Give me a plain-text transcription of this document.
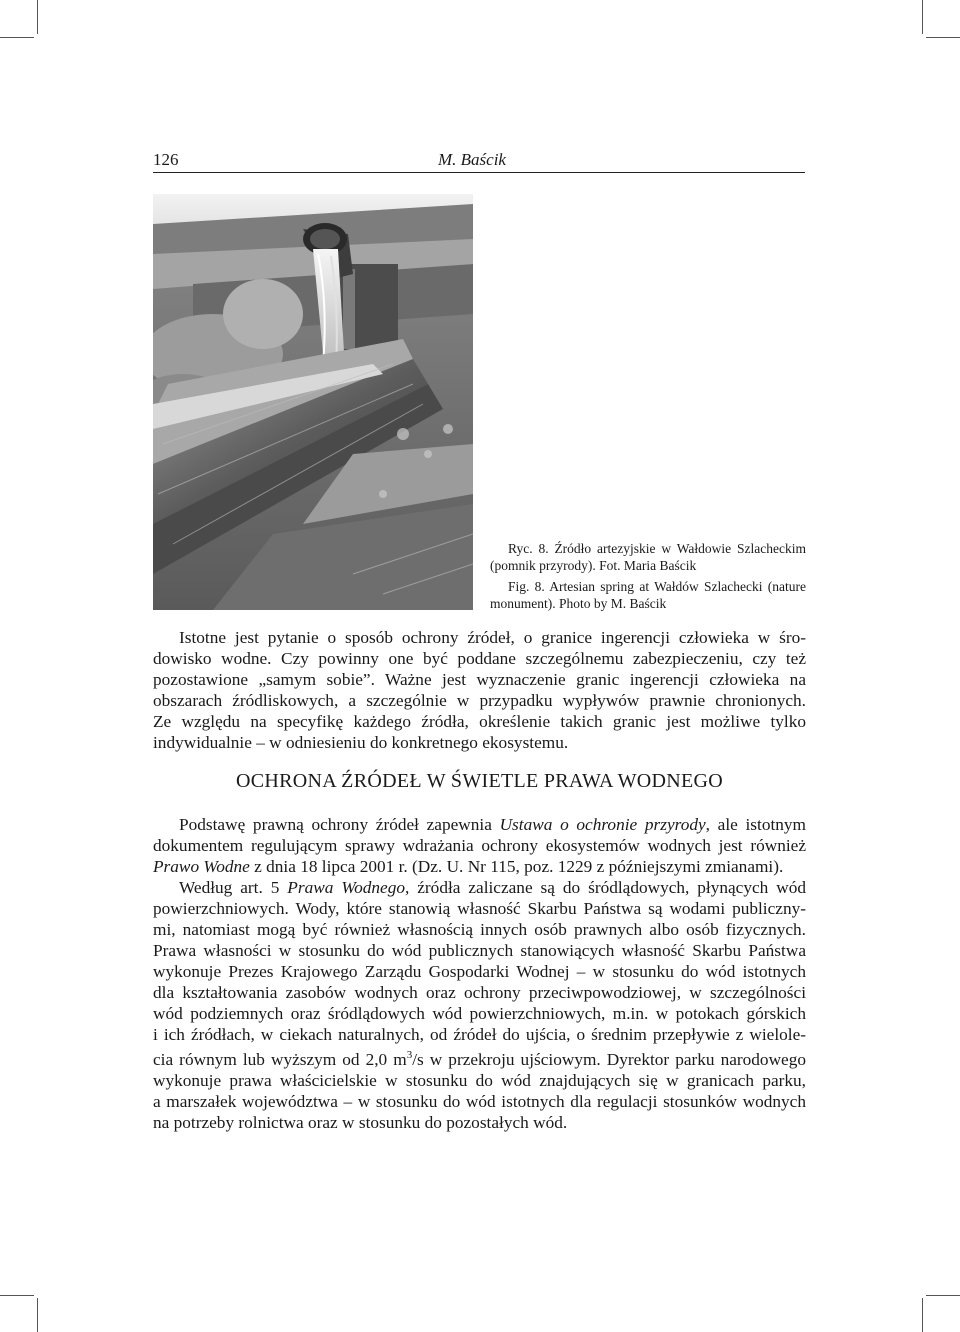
126	M. Baścik

Ryc. 8. Źródło artezyjskie w Wałdowie Szlacheckim (pomnik przyrody). Fot. Maria Baścik

Fig. 8. Artesian spring at Wałdów Szlachecki (nature monument). Photo by M. Baścik

Istotne jest pytanie o sposób ochrony źródeł, o granice ingerencji człowieka w śro-
dowisko wodne. Czy powinny one być poddane szczególnemu zabezpieczeniu, czy też
pozostawione „samym sobie”. Ważne jest wyznaczenie granic ingerencji człowieka na
obszarach źródliskowych, a szczególnie w przypadku wypływów prawnie chronionych.
Ze względu na specyfikę każdego źródła, określenie takich granic jest możliwe tylko
indywidualnie – w odniesieniu do konkretnego ekosystemu.

OCHRONA ŹRÓDEŁ W ŚWIETLE PRAWA WODNEGO

Podstawę prawną ochrony źródeł zapewnia Ustawa o ochronie przyrody, ale istotnym
dokumentem regulującym sprawy wdrażania ochrony ekosystemów wodnych jest również
Prawo Wodne z dnia 18 lipca 2001 r. (Dz. U. Nr 115, poz. 1229 z późniejszymi zmianami).

Według art. 5 Prawa Wodnego, źródła zaliczane są do śródlądowych, płynących wód
powierzchniowych. Wody, które stanowią własność Skarbu Państwa są wodami publiczny-
mi, natomiast mogą być również własnością innych osób prawnych albo osób fizycznych.
Prawa własności w stosunku do wód publicznych stanowiących własność Skarbu Państwa
wykonuje Prezes Krajowego Zarządu Gospodarki Wodnej – w stosunku do wód istotnych
dla kształtowania zasobów wodnych oraz ochrony przeciwpowodziowej, w szczególności
wód podziemnych oraz śródlądowych wód powierzchniowych, m.in. w potokach górskich
i ich źródłach, w ciekach naturalnych, od źródeł do ujścia, o średnim przepływie z wielole-
cia równym lub wyższym od 2,0 $m^3/s$ w przekroju ujściowym. Dyrektor parku narodowego
wykonuje prawa właścicielskie w stosunku do wód znajdujących się w granicach parku,
a marszałek województwa – w stosunku do wód istotnych dla regulacji stosunków wodnych
na potrzeby rolnictwa oraz w stosunku do pozostałych wód.
